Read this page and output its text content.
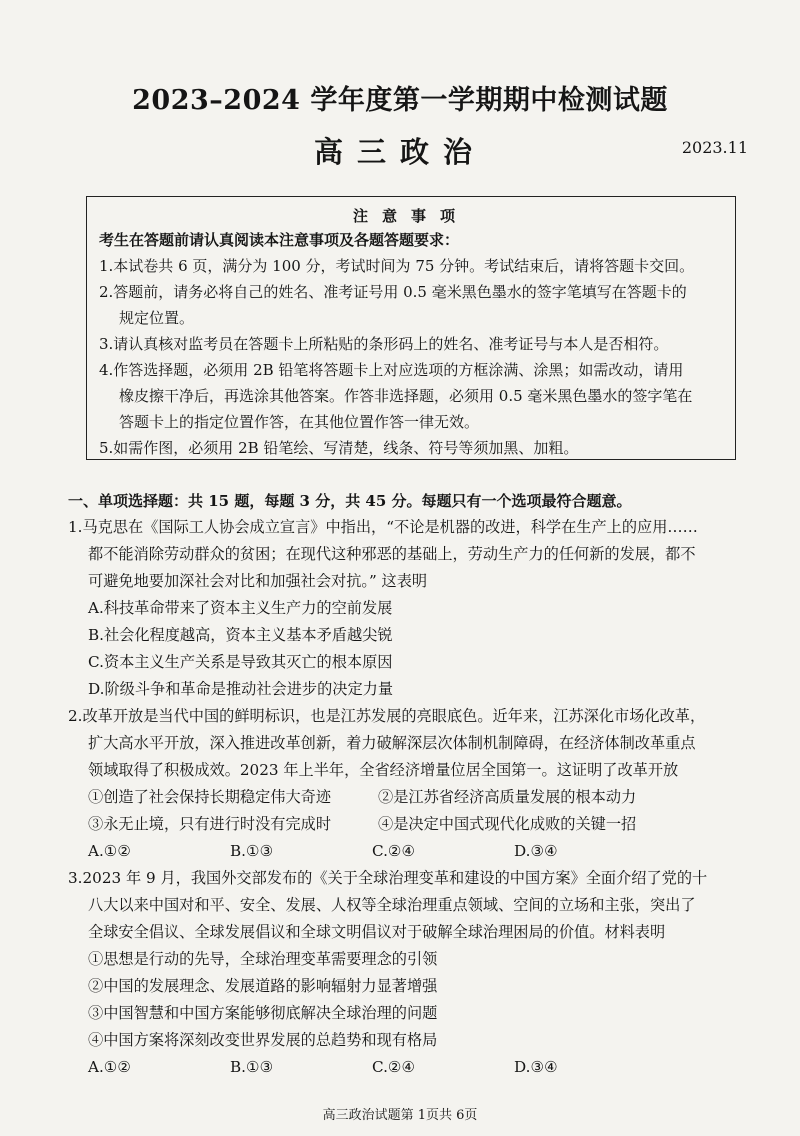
2023–2024 学年度第一学期期中检测试题
高三政治	2023.11
注意事项
考生在答题前请认真阅读本注意事项及各题答题要求：
1.本试卷共 6 页，满分为 100 分，考试时间为 75 分钟。考试结束后，请将答题卡交回。
2.答题前，请务必将自己的姓名、准考证号用 0.5 毫米黑色墨水的签字笔填写在答题卡的
规定位置。
3.请认真核对监考员在答题卡上所粘贴的条形码上的姓名、准考证号与本人是否相符。
4.作答选择题，必须用 2B 铅笔将答题卡上对应选项的方框涂满、涂黑；如需改动，请用
橡皮擦干净后，再选涂其他答案。作答非选择题，必须用 0.5 毫米黑色墨水的签字笔在
答题卡上的指定位置作答，在其他位置作答一律无效。
5.如需作图，必须用 2B 铅笔绘、写清楚，线条、符号等须加黑、加粗。
一、单项选择题：共 15 题，每题 3 分，共 45 分。每题只有一个选项最符合题意。
1.马克思在《国际工人协会成立宣言》中指出，“不论是机器的改进，科学在生产上的应用……
都不能消除劳动群众的贫困；在现代这种邪恶的基础上，劳动生产力的任何新的发展，都不
可避免地要加深社会对比和加强社会对抗。” 这表明
A.科技革命带来了资本主义生产力的空前发展
B.社会化程度越高，资本主义基本矛盾越尖锐
C.资本主义生产关系是导致其灭亡的根本原因
D.阶级斗争和革命是推动社会进步的决定力量
2.改革开放是当代中国的鲜明标识，也是江苏发展的亮眼底色。近年来，江苏深化市场化改革，
扩大高水平开放，深入推进改革创新，着力破解深层次体制机制障碍，在经济体制改革重点
领域取得了积极成效。2023 年上半年，全省经济增量位居全国第一。这证明了改革开放
①创造了社会保持长期稳定伟大奇迹	②是江苏省经济高质量发展的根本动力
③永无止境，只有进行时没有完成时	④是决定中国式现代化成败的关键一招
A.①②	B.①③	C.②④	D.③④
3.2023 年 9 月，我国外交部发布的《关于全球治理变革和建设的中国方案》全面介绍了党的十
八大以来中国对和平、安全、发展、人权等全球治理重点领域、空间的立场和主张，突出了
全球安全倡议、全球发展倡议和全球文明倡议对于破解全球治理困局的价值。材料表明
①思想是行动的先导，全球治理变革需要理念的引领
②中国的发展理念、发展道路的影响辐射力显著增强
③中国智慧和中国方案能够彻底解决全球治理的问题
④中国方案将深刻改变世界发展的总趋势和现有格局
A.①②	B.①③	C.②④	D.③④
高三政治试题第 1页共 6页
